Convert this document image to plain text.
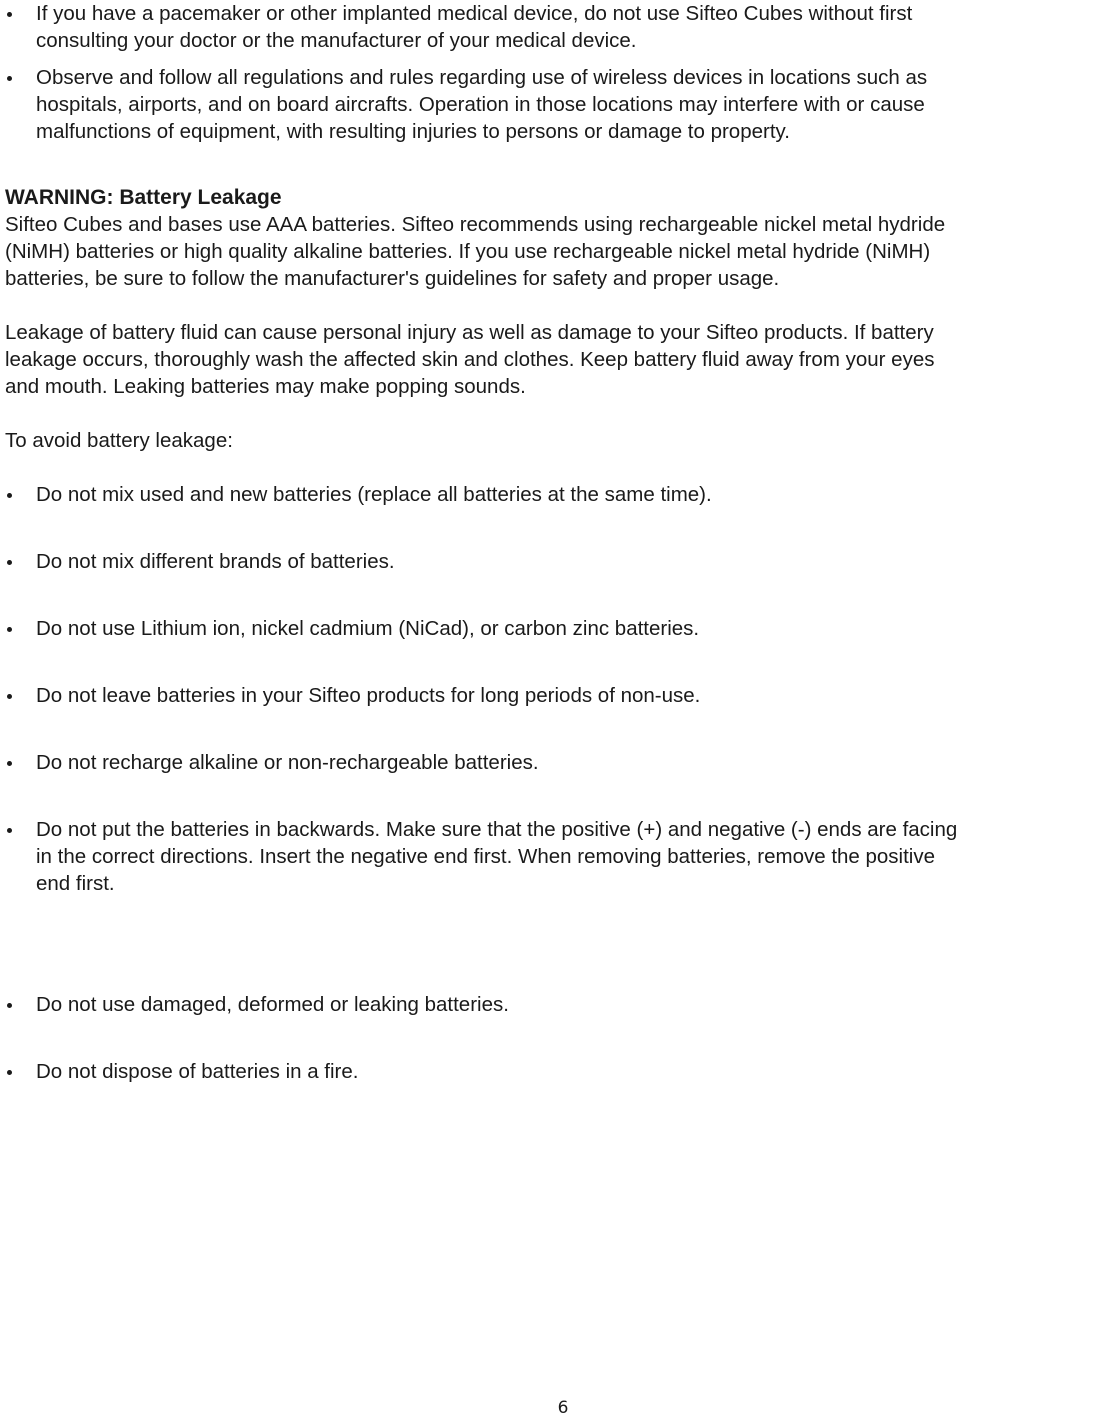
If you have a pacemaker or other implanted medical device, do not use Sifteo Cubes without first
consulting your doctor or the manufacturer of your medical device.
Observe and follow all regulations and rules regarding use of wireless devices in locations such as
hospitals, airports, and on board aircrafts. Operation in those locations may interfere with or cause
malfunctions of equipment, with resulting injuries to persons or damage to property.
WARNING: Battery Leakage
Sifteo Cubes and bases use AAA batteries. Sifteo recommends using rechargeable nickel metal hydride
(NiMH) batteries or high quality alkaline batteries. If you use rechargeable nickel metal hydride (NiMH)
batteries, be sure to follow the manufacturer's guidelines for safety and proper usage.
Leakage of battery fluid can cause personal injury as well as damage to your Sifteo products. If battery
leakage occurs, thoroughly wash the affected skin and clothes. Keep battery fluid away from your eyes
and mouth. Leaking batteries may make popping sounds.
To avoid battery leakage:
Do not mix used and new batteries (replace all batteries at the same time).
Do not mix different brands of batteries.
Do not use Lithium ion, nickel cadmium (NiCad), or carbon zinc batteries.
Do not leave batteries in your Sifteo products for long periods of non-use.
Do not recharge alkaline or non-rechargeable batteries.
Do not put the batteries in backwards. Make sure that the positive (+) and negative (-) ends are facing
in the correct directions. Insert the negative end first. When removing batteries, remove the positive
end first.
Do not use damaged, deformed or leaking batteries.
Do not dispose of batteries in a fire.
6
